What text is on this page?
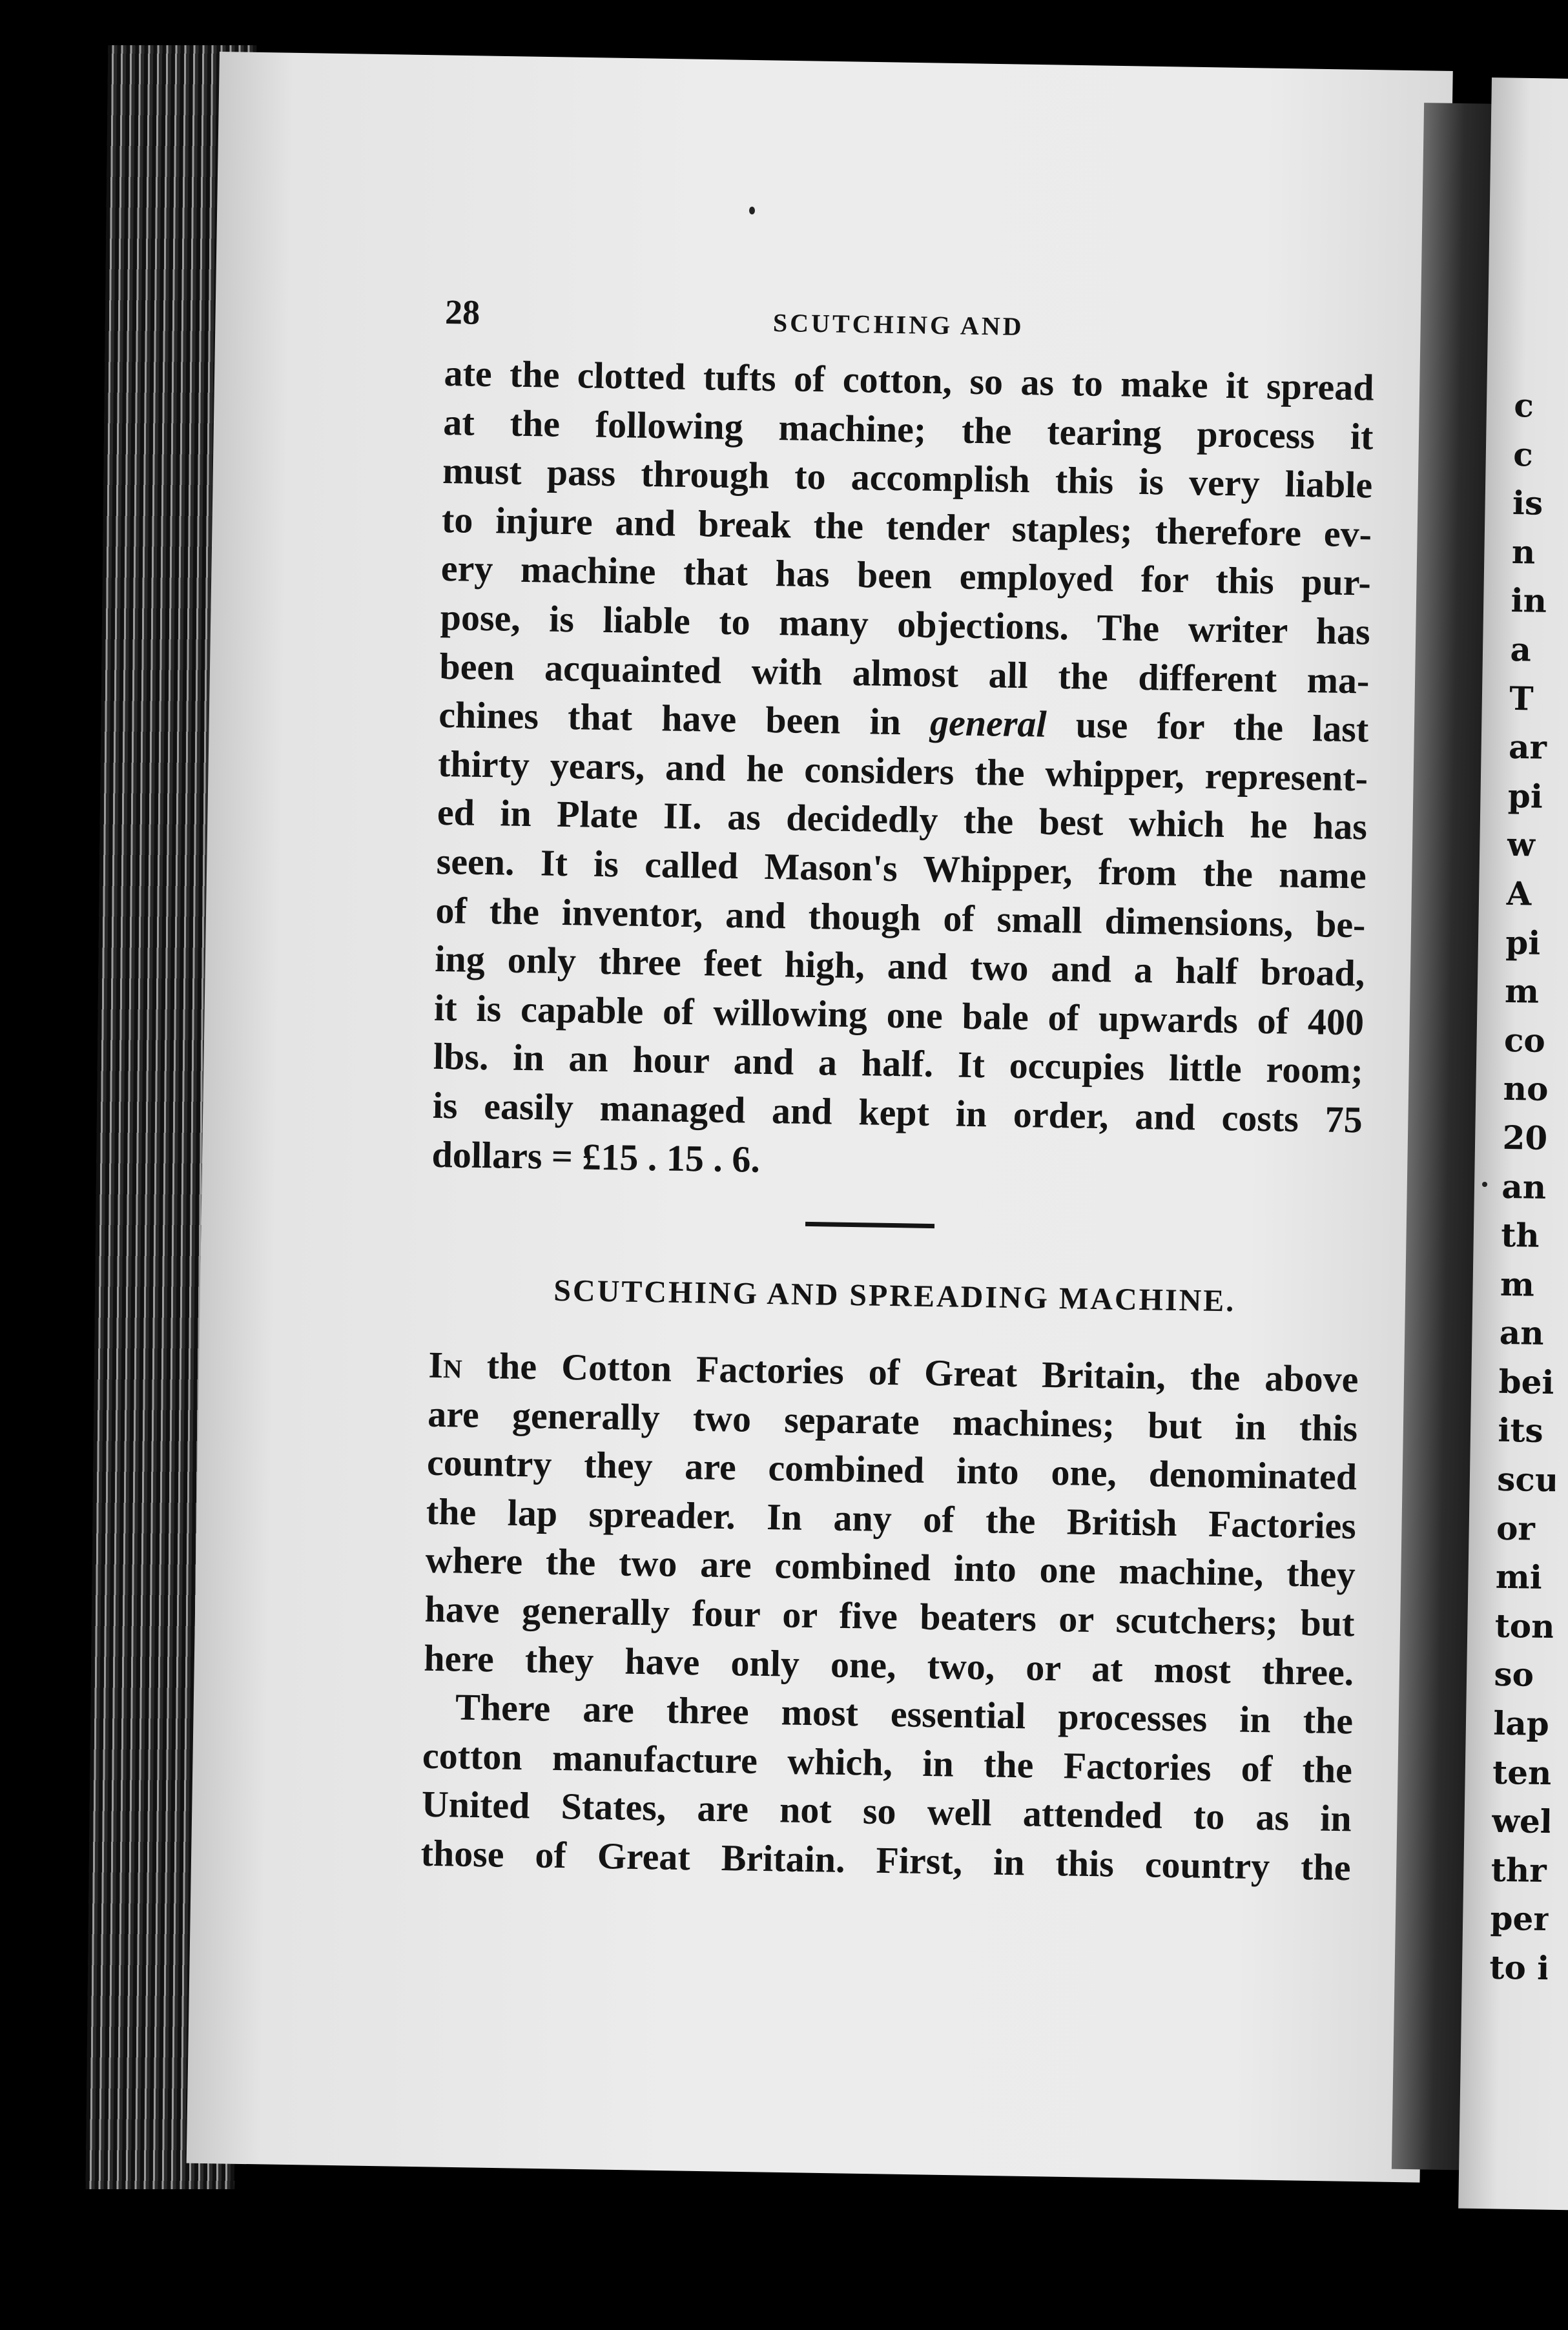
c
c
is
n
in
a
T
ar
pi
w
A
pi
m
co
no
20
an
th
m
an
bei
its
scu
or
mi
ton
so
lap
ten
wel
thr
per
to i
28	SCUTCHING AND
ate the clotted tufts of cotton, so as to make it spread
at the following machine; the tearing process it
must pass through to accomplish this is very liable
to injure and break the tender staples; therefore ev-
ery machine that has been employed for this pur-
pose, is liable to many objections. The writer has
been acquainted with almost all the different ma-
chines that have been in general use for the last
thirty years, and he considers the whipper, represent-
ed in Plate II. as decidedly the best which he has
seen. It is called Mason's Whipper, from the name
of the inventor, and though of small dimensions, be-
ing only three feet high, and two and a half broad,
it is capable of willowing one bale of upwards of 400
lbs. in an hour and a half. It occupies little room;
is easily managed and kept in order, and costs 75
dollars = £15 . 15 . 6.
SCUTCHING AND SPREADING MACHINE.
In the Cotton Factories of Great Britain, the above
are generally two separate machines; but in this
country they are combined into one, denominated
the lap spreader. In any of the British Factories
where the two are combined into one machine, they
have generally four or five beaters or scutchers; but
here they have only one, two, or at most three.
There are three most essential processes in the
cotton manufacture which, in the Factories of the
United States, are not so well attended to as in
those of Great Britain. First, in this country the
